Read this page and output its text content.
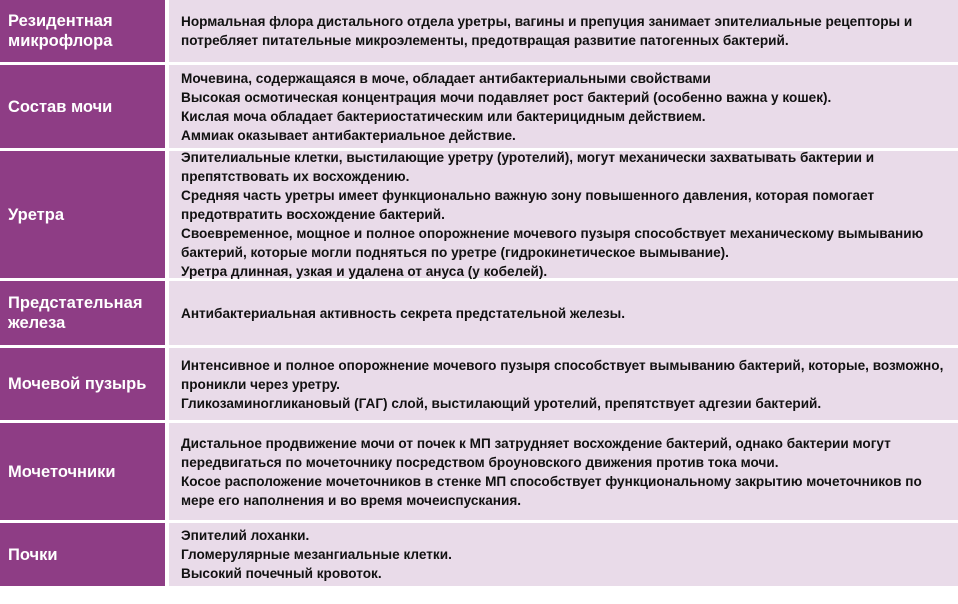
Резидентная микрофлора
Нормальная флора дистального отдела уретры, вагины и препуция занимает эпителиальные рецепторы и потребляет питательные микроэлементы, предотвращая развитие патогенных бактерий.
Состав мочи
Мочевина, содержащаяся в моче, обладает антибактериальными свойствами
Высокая осмотическая концентрация мочи подавляет рост бактерий (особенно важна у кошек).
Кислая моча обладает бактериостатическим или бактерицидным действием.
Аммиак оказывает антибактериальное действие.
Уретра
Эпителиальные клетки, выстилающие уретру (уротелий), могут механически захватывать бактерии и препятствовать их восхождению.
Средняя часть уретры имеет функционально важную зону повышенного давления, которая помогает предотвратить восхождение бактерий.
Своевременное, мощное и полное опорожнение мочевого пузыря способствует механическому вымыванию бактерий, которые могли подняться по уретре (гидрокинетическое вымывание).
Уретра длинная, узкая и удалена от ануса (у кобелей).
Предстательная железа
Антибактериальная активность секрета предстательной железы.
Мочевой пузырь
Интенсивное и полное опорожнение мочевого пузыря способствует вымыванию бактерий, которые, возможно, проникли через уретру.
Гликозаминогликановый (ГАГ) слой, выстилающий уротелий, препятствует адгезии бактерий.
Мочеточники
Дистальное продвижение мочи от почек к МП затрудняет восхождение бактерий, однако бактерии могут передвигаться по мочеточнику посредством броуновского движения против тока мочи.
Косое расположение мочеточников в стенке МП способствует функциональному закрытию мочеточников по мере его наполнения и во время мочеиспускания.
Почки
Эпителий лоханки.
Гломерулярные мезангиальные клетки.
Высокий почечный кровоток.
